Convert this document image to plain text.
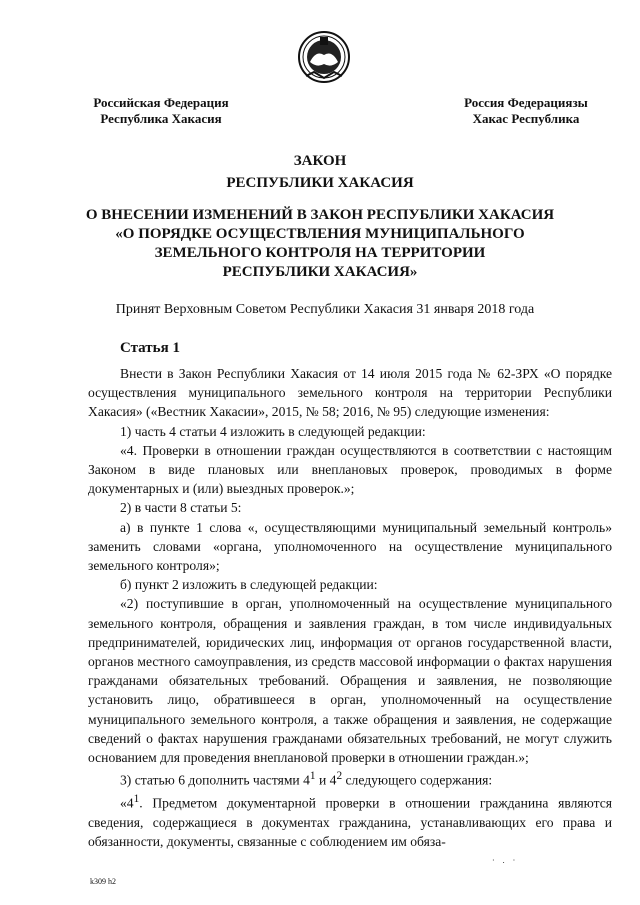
Российская Федерация
Республика Хакасия
Россия Федерациязы
Хакас Республика
ЗАКОН
РЕСПУБЛИКИ ХАКАСИЯ
О ВНЕСЕНИИ ИЗМЕНЕНИЙ В ЗАКОН РЕСПУБЛИКИ ХАКАСИЯ
«О ПОРЯДКЕ ОСУЩЕСТВЛЕНИЯ МУНИЦИПАЛЬНОГО
ЗЕМЕЛЬНОГО КОНТРОЛЯ НА ТЕРРИТОРИИ
РЕСПУБЛИКИ ХАКАСИЯ»
Принят Верховным Советом Республики Хакасия 31 января 2018 года
Статья 1

Внести в Закон Республики Хакасия от 14 июля 2015 года № 62-ЗРХ «О порядке осуществления муниципального земельного контроля на территории Республики Хакасия» («Вестник Хакасии», 2015, № 58; 2016, № 95) следующие изменения:

1) часть 4 статьи 4 изложить в следующей редакции:

«4. Проверки в отношении граждан осуществляются в соответствии с настоящим Законом в виде плановых или внеплановых проверок, проводимых в форме документарных и (или) выездных проверок.»;

2) в части 8 статьи 5:

а) в пункте 1 слова «, осуществляющими муниципальный земельный контроль» заменить словами «органа, уполномоченного на осуществление муниципального земельного контроля»;

б) пункт 2 изложить в следующей редакции:

«2) поступившие в орган, уполномоченный на осуществление муниципального земельного контроля, обращения и заявления граждан, в том числе индивидуальных предпринимателей, юридических лиц, информация от органов государственной власти, органов местного самоуправления, из средств массовой информации о фактах нарушения гражданами обязательных требований. Обращения и заявления, не позволяющие установить лицо, обратившееся в орган, уполномоченный на осуществление муниципального земельного контроля, а также обращения и заявления, не содержащие сведений о фактах нарушения гражданами обязательных требований, не могут служить основанием для проведения внеплановой проверки в отношении граждан.»;

3) статью 6 дополнить частями $4^1$ и $4^2$ следующего содержания:

«$4^1$. Предметом документарной проверки в отношении гражданина являются сведения, содержащиеся в документах гражданина, устанавливающих его права и обязанности, документы, связанные с соблюдением им обяза-

· . ·
k309 h2
